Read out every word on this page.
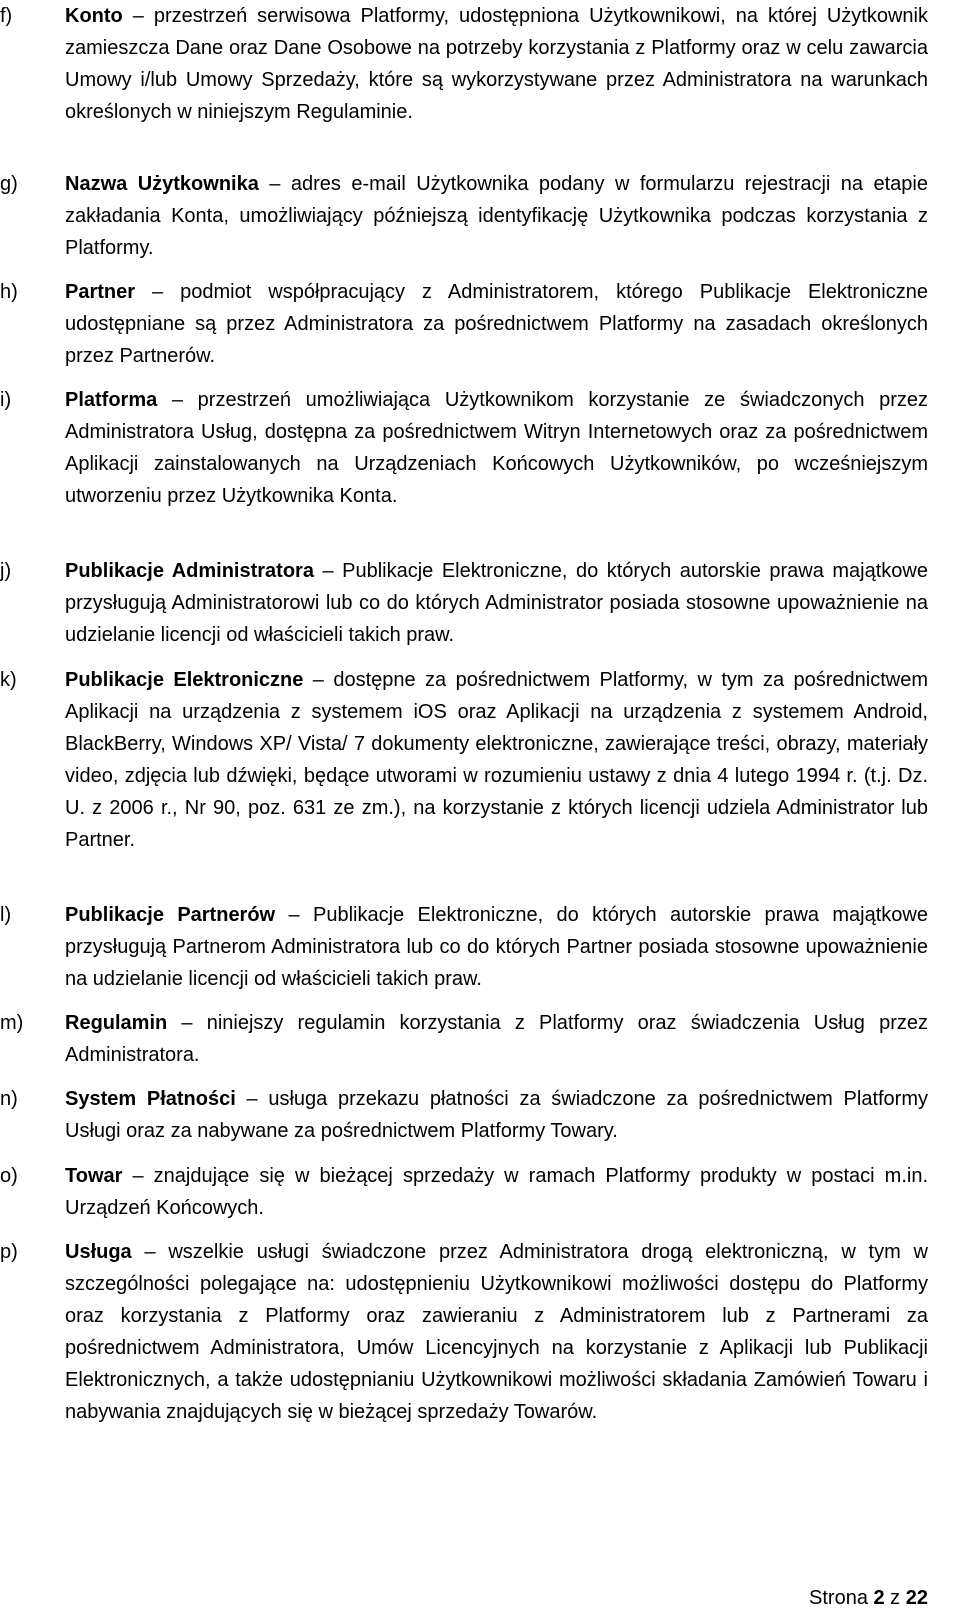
f)	Konto – przestrzeń serwisowa Platformy, udostępniona Użytkownikowi, na której Użytkownik zamieszcza Dane oraz Dane Osobowe na potrzeby korzystania z Platformy oraz w celu zawarcia Umowy i/lub Umowy Sprzedaży, które są wykorzystywane przez Administratora na warunkach określonych w niniejszym Regulaminie.

g) Nazwa Użytkownika – adres e-mail Użytkownika podany w formularzu rejestracji na etapie zakładania Konta, umożliwiający późniejszą identyfikację Użytkownika podczas korzystania z Platformy.

h) Partner – podmiot współpracujący z Administratorem, którego Publikacje Elektroniczne udostępniane są przez Administratora za pośrednictwem Platformy na zasadach określonych przez Partnerów.

i)	Platforma – przestrzeń umożliwiająca Użytkownikom korzystanie ze świadczonych przez Administratora Usług, dostępna za pośrednictwem Witryn Internetowych oraz za pośrednictwem Aplikacji zainstalowanych na Urządzeniach Końcowych Użytkowników, po wcześniejszym utworzeniu przez Użytkownika Konta.

j)	Publikacje Administratora – Publikacje Elektroniczne, do których autorskie prawa majątkowe przysługują Administratorowi lub co do których Administrator posiada stosowne upoważnienie na udzielanie licencji od właścicieli takich praw.

k) Publikacje Elektroniczne – dostępne za pośrednictwem Platformy, w tym za pośrednictwem Aplikacji na urządzenia z systemem iOS oraz Aplikacji na urządzenia z systemem Android, BlackBerry, Windows XP/ Vista/ 7 dokumenty elektroniczne, zawierające treści, obrazy, materiały video, zdjęcia lub dźwięki, będące utworami w rozumieniu ustawy z dnia 4 lutego 1994 r. (t.j. Dz. U. z 2006 r., Nr 90, poz. 631 ze zm.), na korzystanie z których licencji udziela Administrator lub Partner.

l)	Publikacje Partnerów – Publikacje Elektroniczne, do których autorskie prawa majątkowe przysługują Partnerom Administratora lub co do których Partner posiada stosowne upoważnienie na udzielanie licencji od właścicieli takich praw.

m) Regulamin – niniejszy regulamin korzystania z Platformy oraz świadczenia Usług przez Administratora.

n) System Płatności – usługa przekazu płatności za świadczone za pośrednictwem Platformy Usługi oraz za nabywane za pośrednictwem Platformy Towary.

o) Towar – znajdujące się w bieżącej sprzedaży w ramach Platformy produkty w postaci m.in. Urządzeń Końcowych.

p) Usługa – wszelkie usługi świadczone przez Administratora drogą elektroniczną, w tym w szczególności polegające na: udostępnieniu Użytkownikowi możliwości dostępu do Platformy oraz korzystania z Platformy oraz zawieraniu z Administratorem lub z Partnerami za pośrednictwem Administratora, Umów Licencyjnych na korzystanie z Aplikacji lub Publikacji Elektronicznych, a także udostępnianiu Użytkownikowi możliwości składania Zamówień Towaru i nabywania znajdujących się w bieżącej sprzedaży Towarów.

Strona 2 z 22
